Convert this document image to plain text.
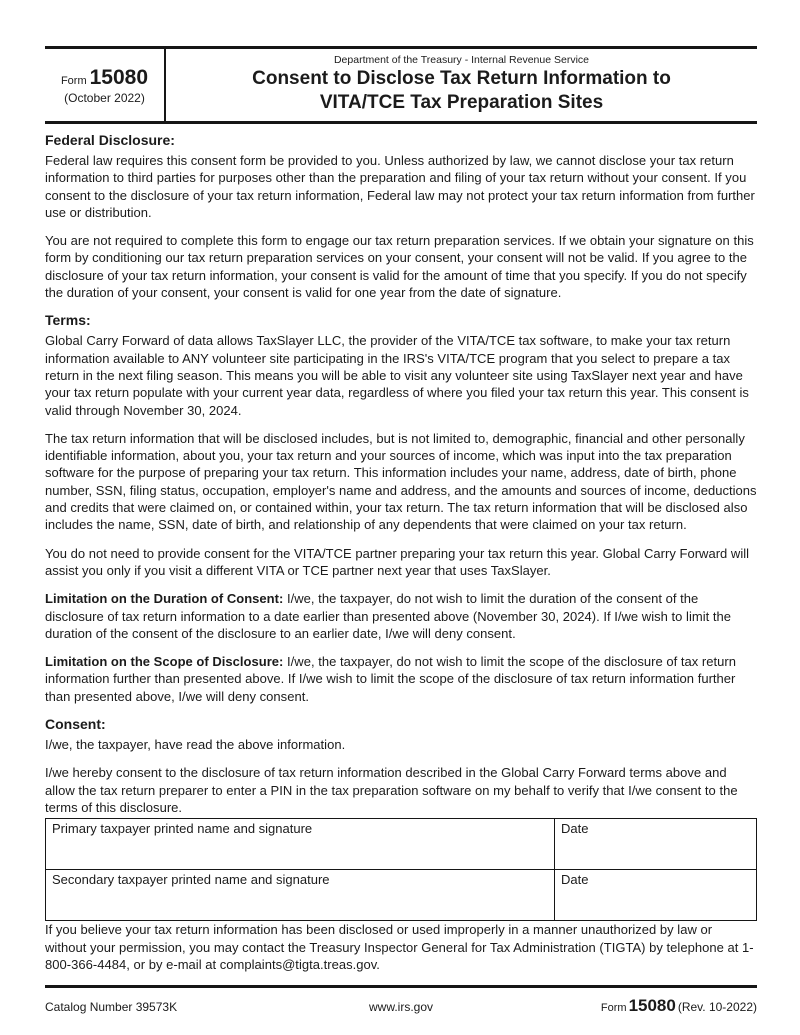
Form 15080
(October 2022)
Department of the Treasury - Internal Revenue Service
Consent to Disclose Tax Return Information to
VITA/TCE Tax Preparation Sites
Federal Disclosure:

Federal law requires this consent form be provided to you. Unless authorized by law, we cannot disclose your tax return information to third parties for purposes other than the preparation and filing of your tax return without your consent. If you consent to the disclosure of your tax return information, Federal law may not protect your tax return information from further use or distribution.

You are not required to complete this form to engage our tax return preparation services. If we obtain your signature on this form by conditioning our tax return preparation services on your consent, your consent will not be valid. If you agree to the disclosure of your tax return information, your consent is valid for the amount of time that you specify. If you do not specify the duration of your consent, your consent is valid for one year from the date of signature.

Terms:

Global Carry Forward of data allows TaxSlayer LLC, the provider of the VITA/TCE tax software, to make your tax return information available to ANY volunteer site participating in the IRS's VITA/TCE program that you select to prepare a tax return in the next filing season. This means you will be able to visit any volunteer site using TaxSlayer next year and have your tax return populate with your current year data, regardless of where you filed your tax return this year. This consent is valid through November 30, 2024.

The tax return information that will be disclosed includes, but is not limited to, demographic, financial and other personally identifiable information, about you, your tax return and your sources of income, which was input into the tax preparation software for the purpose of preparing your tax return. This information includes your name, address, date of birth, phone number, SSN, filing status, occupation, employer's name and address, and the amounts and sources of income, deductions and credits that were claimed on, or contained within, your tax return. The tax return information that will be disclosed also includes the name, SSN, date of birth, and relationship of any dependents that were claimed on your tax return.

You do not need to provide consent for the VITA/TCE partner preparing your tax return this year. Global Carry Forward will assist you only if you visit a different VITA or TCE partner next year that uses TaxSlayer.

Limitation on the Duration of Consent: I/we, the taxpayer, do not wish to limit the duration of the consent of the disclosure of tax return information to a date earlier than presented above (November 30, 2024). If I/we wish to limit the duration of the consent of the disclosure to an earlier date, I/we will deny consent.

Limitation on the Scope of Disclosure: I/we, the taxpayer, do not wish to limit the scope of the disclosure of tax return information further than presented above. If I/we wish to limit the scope of the disclosure of tax return information further than presented above, I/we will deny consent.

Consent:

I/we, the taxpayer, have read the above information.

I/we hereby consent to the disclosure of tax return information described in the Global Carry Forward terms above and allow the tax return preparer to enter a PIN in the tax preparation software on my behalf to verify that I/we consent to the terms of this disclosure.

Primary taxpayer printed name and signature	Date

Secondary taxpayer printed name and signature	Date

If you believe your tax return information has been disclosed or used improperly in a manner unauthorized by law or without your permission, you may contact the Treasury Inspector General for Tax Administration (TIGTA) by telephone at 1-800-366-4484, or by e-mail at complaints@tigta.treas.gov.

Catalog Number 39573K	www.irs.gov	Form 15080 (Rev. 10-2022)
